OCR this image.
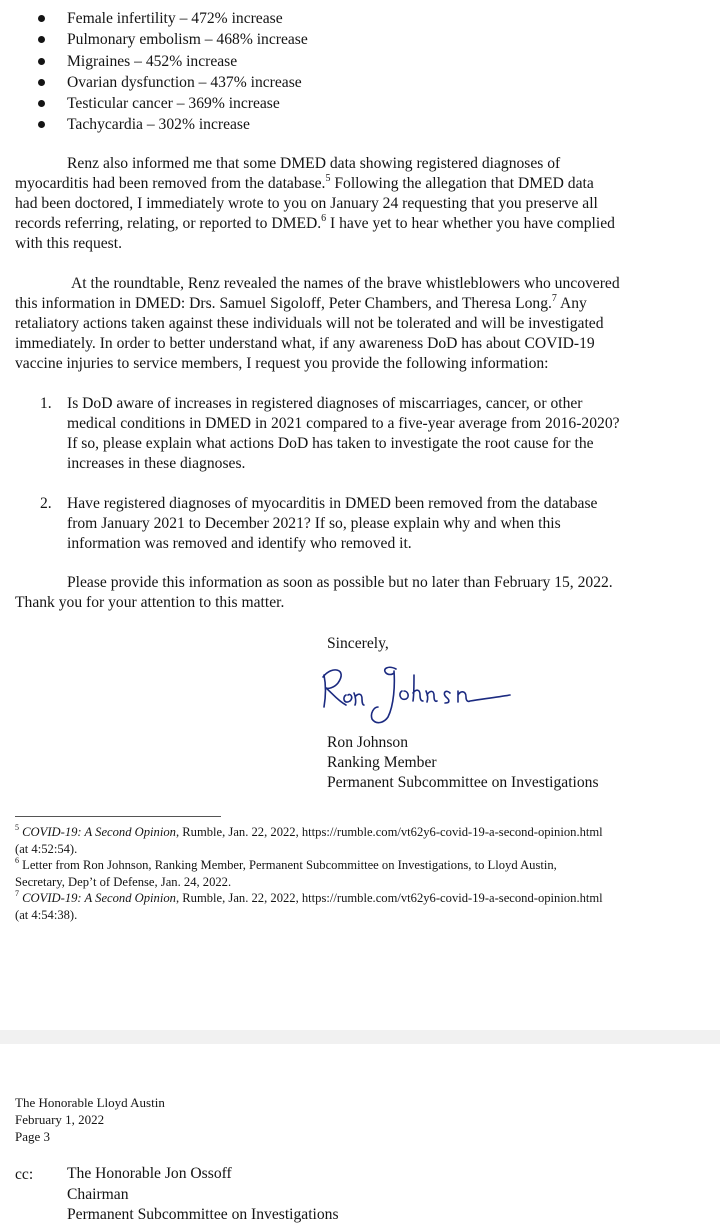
Female infertility – 472% increase
Pulmonary embolism – 468% increase
Migraines – 452% increase
Ovarian dysfunction – 437% increase
Testicular cancer – 369% increase
Tachycardia – 302% increase

Renz also informed me that some DMED data showing registered diagnoses of
myocarditis had been removed from the database.$^5$ Following the allegation that DMED data
had been doctored, I immediately wrote to you on January 24 requesting that you preserve all
records referring, relating, or reported to DMED.$^6$ I have yet to hear whether you have complied
with this request.

At the roundtable, Renz revealed the names of the brave whistleblowers who uncovered
this information in DMED: Drs. Samuel Sigoloff, Peter Chambers, and Theresa Long.$^7$ Any
retaliatory actions taken against these individuals will not be tolerated and will be investigated
immediately. In order to better understand what, if any awareness DoD has about COVID-19
vaccine injuries to service members, I request you provide the following information:

1. Is DoD aware of increases in registered diagnoses of miscarriages, cancer, or other
medical conditions in DMED in 2021 compared to a five-year average from 2016-2020?
If so, please explain what actions DoD has taken to investigate the root cause for the
increases in these diagnoses.
2. Have registered diagnoses of myocarditis in DMED been removed from the database
from January 2021 to December 2021? If so, please explain why and when this
information was removed and identify who removed it.

Please provide this information as soon as possible but no later than February 15, 2022.
Thank you for your attention to this matter.

Sincerely,

Ron Johnson
Ranking Member
Permanent Subcommittee on Investigations
$^5$ COVID-19: A Second Opinion, Rumble, Jan. 22, 2022, https://rumble.com/vt62y6-covid-19-a-second-opinion.html
(at 4:52:54).
$^6$ Letter from Ron Johnson, Ranking Member, Permanent Subcommittee on Investigations, to Lloyd Austin,
Secretary, Dep’t of Defense, Jan. 24, 2022.
$^7$ COVID-19: A Second Opinion, Rumble, Jan. 22, 2022, https://rumble.com/vt62y6-covid-19-a-second-opinion.html
(at 4:54:38).
The Honorable Lloyd Austin
February 1, 2022
Page 3
cc: The Honorable Jon Ossoff
Chairman
Permanent Subcommittee on Investigations
